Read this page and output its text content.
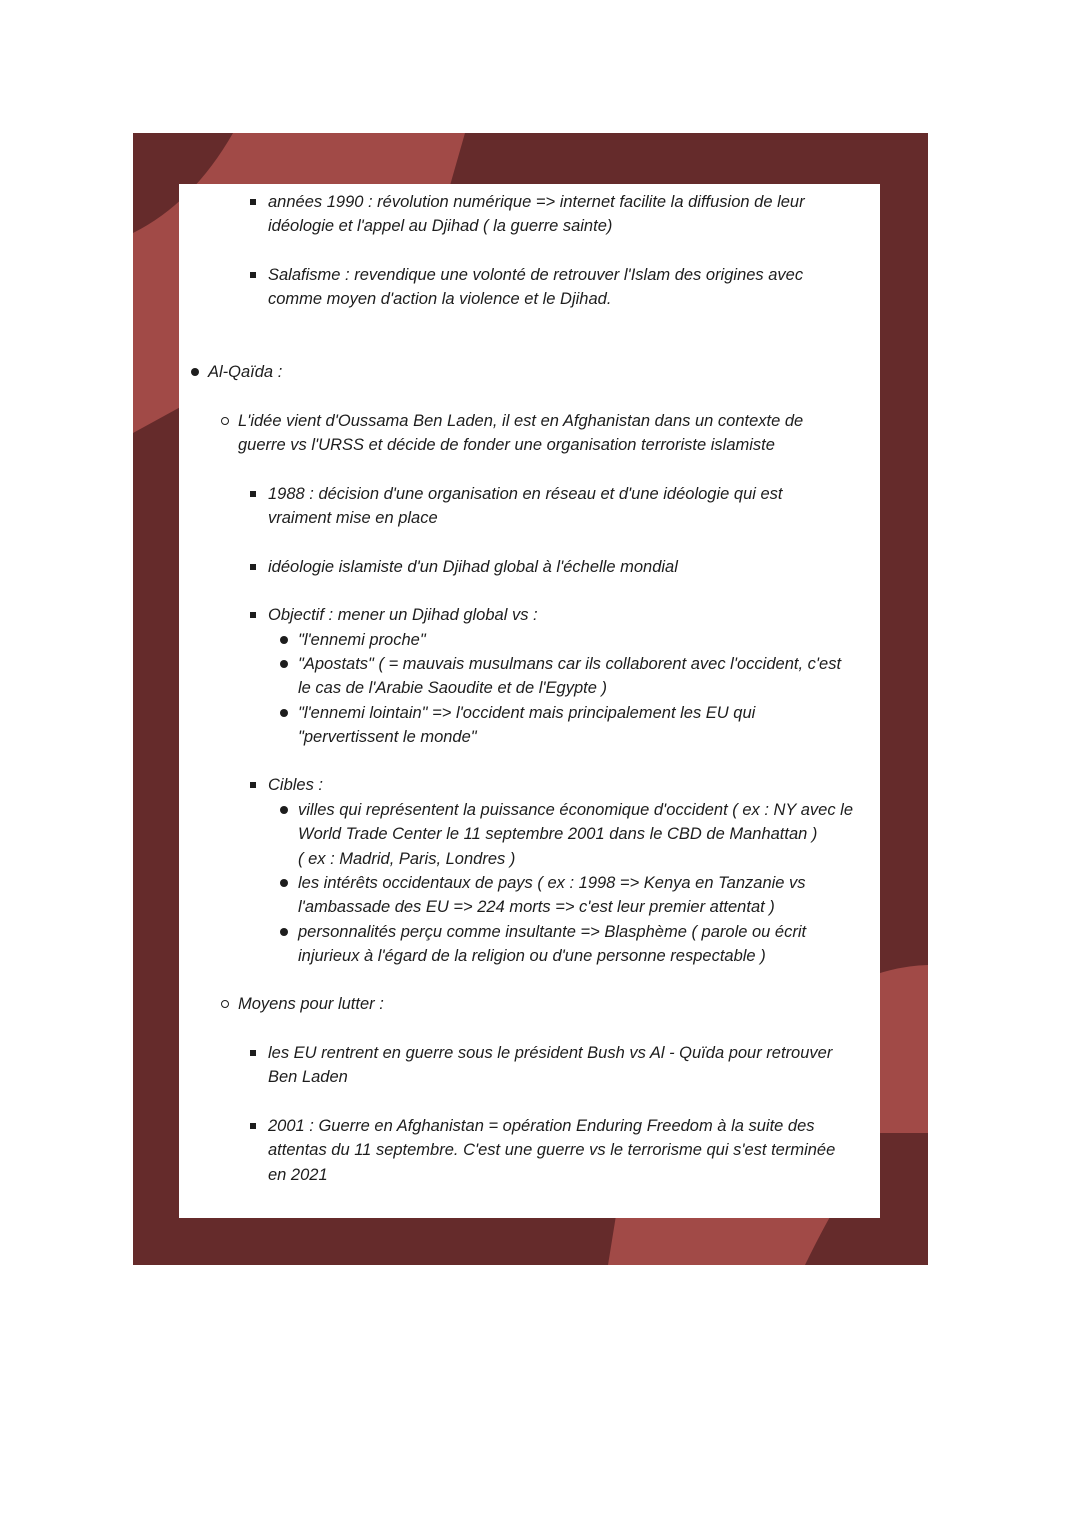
années 1990 : révolution numérique => internet facilite la diffusion de leur

idéologie et l'appel au Djihad ( la guerre sainte)

Salafisme : revendique une volonté de retrouver l'Islam des origines avec

comme moyen d'action la violence et le Djihad.

Al-Qaïda :

L'idée vient d'Oussama Ben Laden, il est en Afghanistan dans un contexte de

guerre vs l'URSS et décide de fonder une organisation terroriste islamiste

1988 : décision d'une organisation en réseau et d'une idéologie qui est

vraiment mise en place

idéologie islamiste d'un Djihad global à l'échelle mondial

Objectif : mener un Djihad global vs :

"l'ennemi proche"

"Apostats" ( = mauvais musulmans car ils collaborent avec l'occident, c'est

le cas de l'Arabie Saoudite et de l'Egypte )

"l'ennemi lointain" => l'occident mais principalement les EU qui

"pervertissent le monde"

Cibles :

villes qui représentent la puissance économique d'occident ( ex : NY avec le

World Trade Center le 11 septembre 2001 dans le CBD de Manhattan )

( ex : Madrid, Paris, Londres )

les intérêts occidentaux de pays ( ex : 1998 => Kenya en Tanzanie vs

l'ambassade des EU => 224 morts => c'est leur premier attentat )

personnalités perçu comme insultante => Blasphème ( parole ou écrit

injurieux à l'égard de la religion ou d'une personne respectable )

Moyens pour lutter :

les EU rentrent en guerre sous le président Bush vs Al - Quïda pour retrouver

Ben Laden

2001 : Guerre en Afghanistan = opération Enduring Freedom à la suite des

attentas du 11 septembre. C'est une guerre vs le terrorisme qui s'est terminée

en 2021
